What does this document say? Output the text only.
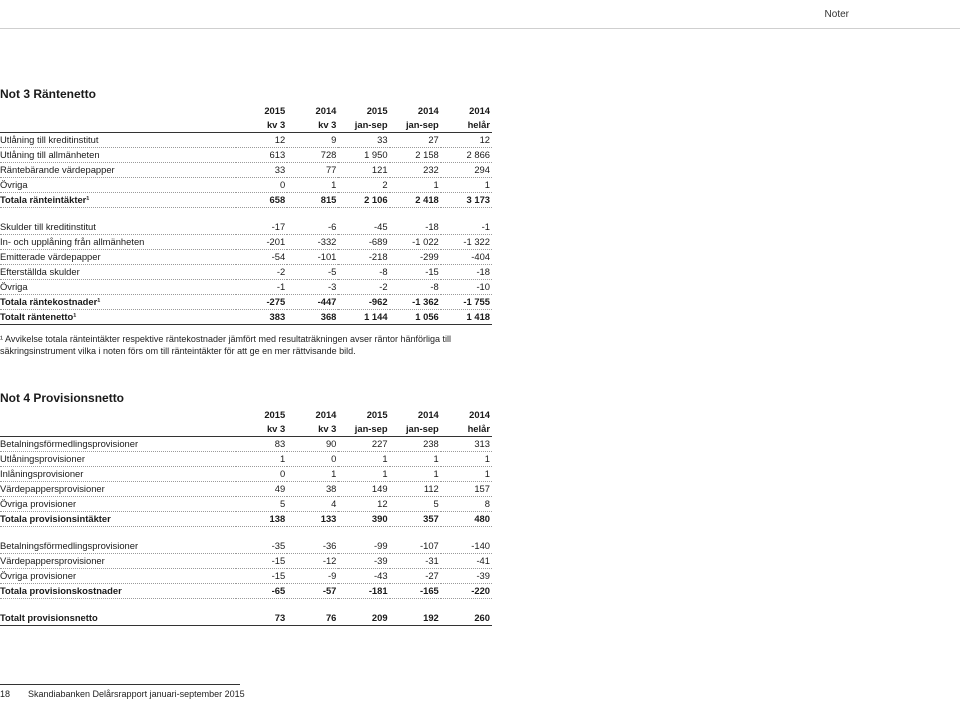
Noter
Not 3 Räntenetto
	2015	2014	2015	2014	2014
	kv 3	kv 3	jan-sep	jan-sep	helår
Utlåning till kreditinstitut	12	9	33	27	12
Utlåning till allmänheten	613	728	1 950	2 158	2 866
Räntebärande värdepapper	33	77	121	232	294
Övriga	0	1	2	1	1
Totala ränteintäkter¹	658	815	2 106	2 418	3 173

Skulder till kreditinstitut	-17	-6	-45	-18	-1
In- och upplåning från allmänheten	-201	-332	-689	-1 022	-1 322
Emitterade värdepapper	-54	-101	-218	-299	-404
Efterställda skulder	-2	-5	-8	-15	-18
Övriga	-1	-3	-2	-8	-10
Totala räntekostnader¹	-275	-447	-962	-1 362	-1 755
Totalt räntenetto¹	383	368	1 144	1 056	1 418
¹ Avvikelse totala ränteintäkter respektive räntekostnader jämfört med resultaträkningen avser räntor hänförliga till säkringsinstrument vilka i noten förs om till ränteintäkter för att ge en mer rättvisande bild.
Not 4 Provisionsnetto
	2015	2014	2015	2014	2014
	kv 3	kv 3	jan-sep	jan-sep	helår
Betalningsförmedlingsprovisioner	83	90	227	238	313
Utlåningsprovisioner	1	0	1	1	1
Inlåningsprovisioner	0	1	1	1	1
Värdepappersprovisioner	49	38	149	112	157
Övriga provisioner	5	4	12	5	8
Totala provisionsintäkter	138	133	390	357	480

Betalningsförmedlingsprovisioner	-35	-36	-99	-107	-140
Värdepappersprovisioner	-15	-12	-39	-31	-41
Övriga provisioner	-15	-9	-43	-27	-39
Totala provisionskostnader	-65	-57	-181	-165	-220

Totalt provisionsnetto	73	76	209	192	260
18 Skandiabanken Delårsrapport januari-september 2015
